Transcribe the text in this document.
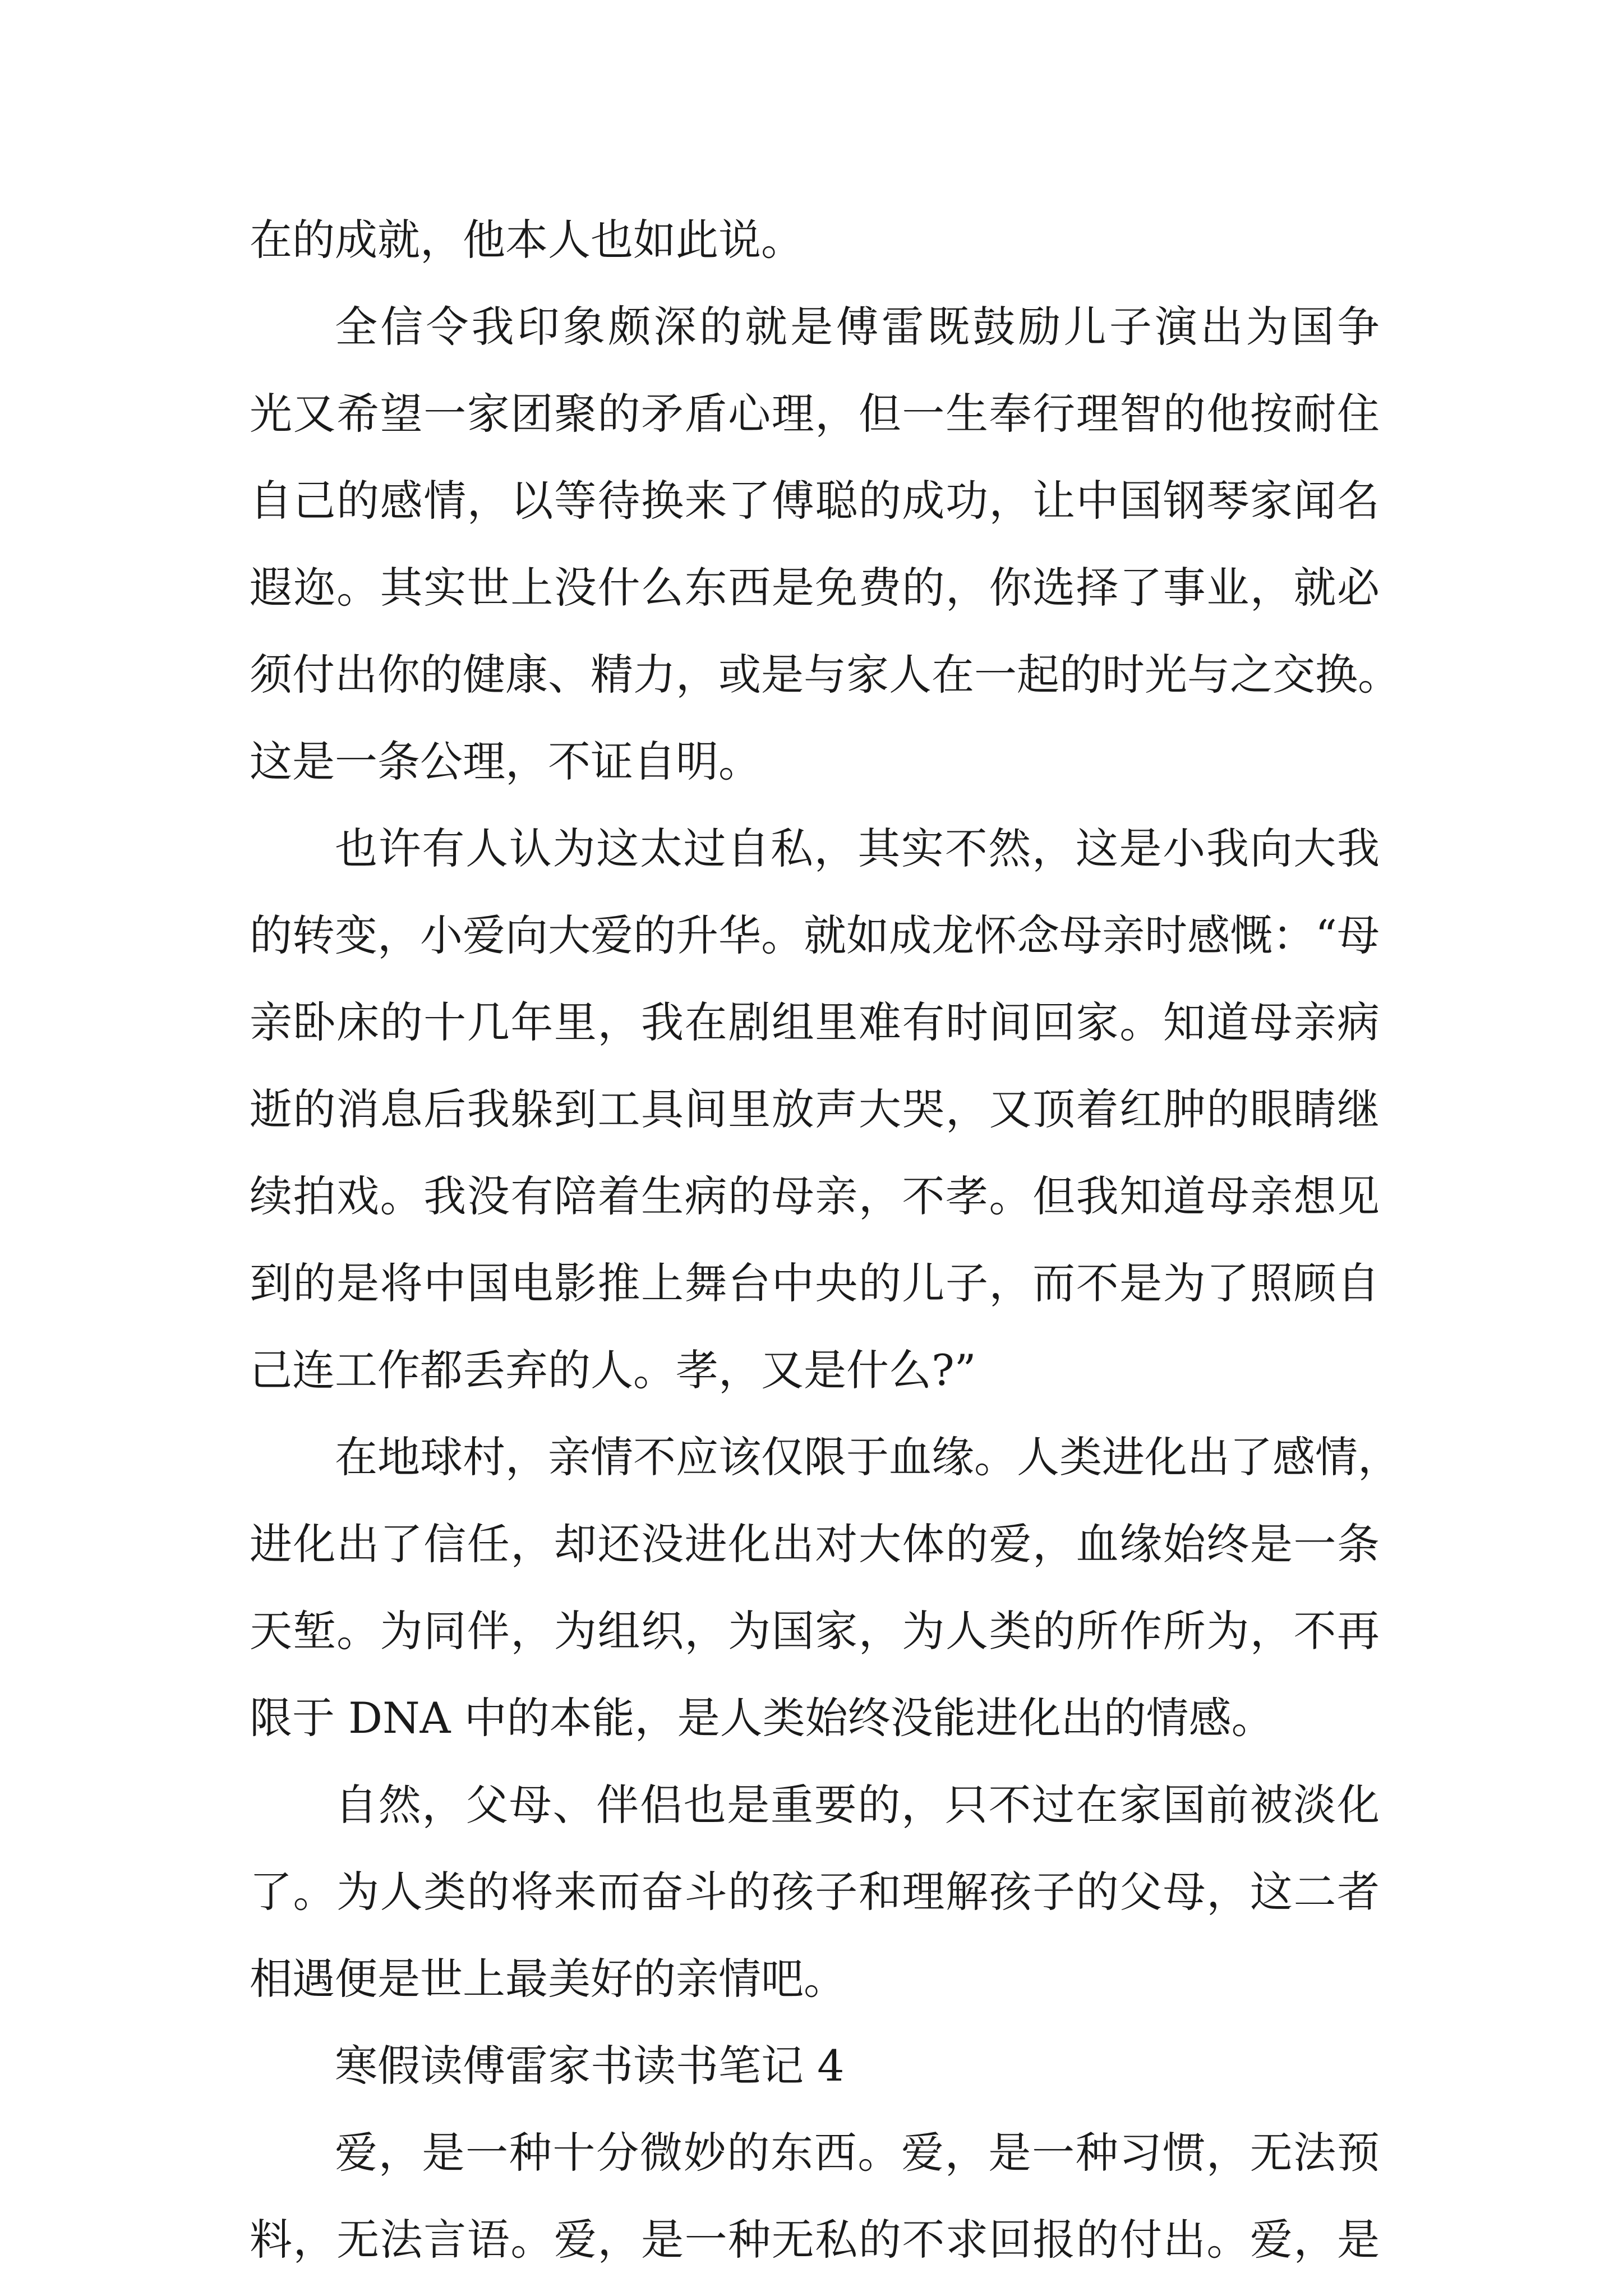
在的成就，他本人也如此说。
全信令我印象颇深的就是傅雷既鼓励儿子演出为国争
光又希望一家团聚的矛盾心理，但一生奉行理智的他按耐住
自己的感情，以等待换来了傅聪的成功，让中国钢琴家闻名
遐迩。其实世上没什么东西是免费的，你选择了事业，就必
须付出你的健康、精力，或是与家人在一起的时光与之交换。
这是一条公理，不证自明。
也许有人认为这太过自私，其实不然，这是小我向大我
的转变，小爱向大爱的升华。就如成龙怀念母亲时感慨：“母
亲卧床的十几年里，我在剧组里难有时间回家。知道母亲病
逝的消息后我躲到工具间里放声大哭，又顶着红肿的眼睛继
续拍戏。我没有陪着生病的母亲，不孝。但我知道母亲想见
到的是将中国电影推上舞台中央的儿子，而不是为了照顾自
己连工作都丢弃的人。孝，又是什么?”
在地球村，亲情不应该仅限于血缘。人类进化出了感情，
进化出了信任，却还没进化出对大体的爱，血缘始终是一条
天堑。为同伴，为组织，为国家，为人类的所作所为，不再
限于 DNA 中的本能，是人类始终没能进化出的情感。
自然，父母、伴侣也是重要的，只不过在家国前被淡化
了。为人类的将来而奋斗的孩子和理解孩子的父母，这二者
相遇便是世上最美好的亲情吧。
寒假读傅雷家书读书笔记 4
爱，是一种十分微妙的东西。爱，是一种习惯，无法预
料，无法言语。爱，是一种无私的不求回报的付出。爱，是
